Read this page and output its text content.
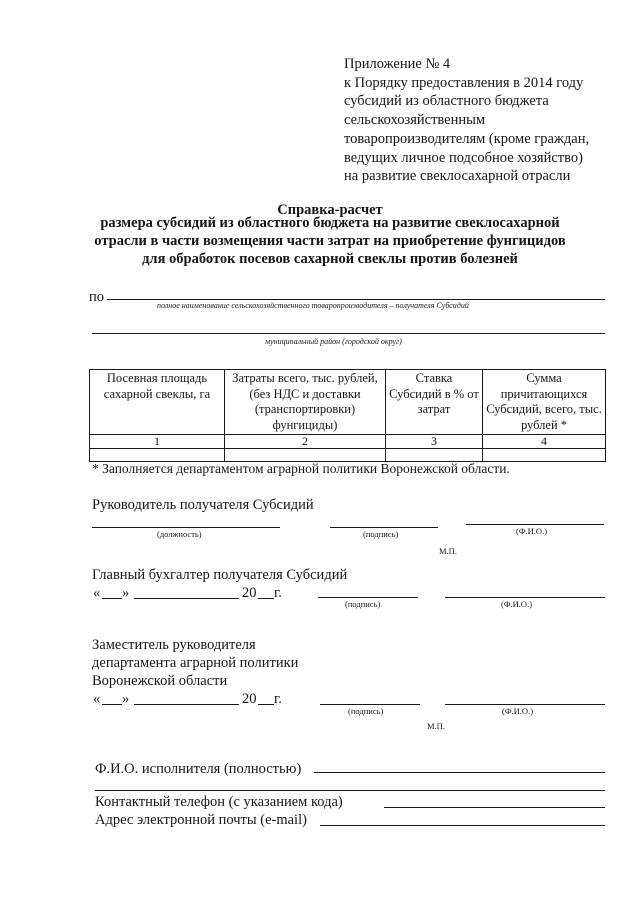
Приложение № 4
к Порядку предоставления в 2014 году
субсидий из областного бюджета
сельскохозяйственным
товаропроизводителям (кроме граждан,
ведущих личное подсобное хозяйство)
на развитие свеклосахарной отрасли
Справка-расчет
размера субсидий из областного бюджета на развитие свеклосахарной
отрасли в части возмещения части затрат на приобретение фунгицидов
для обработок посевов сахарной свеклы против болезней
по
полное наименование сельскохозяйственного товаропроизводителя – получателя Субсидий
муниципальный район (городской округ)
Посевная площадь сахарной свеклы, га	Затраты всего, тыс. рублей, (без НДС и доставки (транспортировки) фунгициды)	Ставка Субсидий в % от затрат	Сумма причитающихся Субсидий, всего, тыс. рублей *
1	2	3	4

* Заполняется департаментом аграрной политики Воронежской области.
Руководитель получателя Субсидий
(должность)	(подпись)	(Ф.И.О.)
М.П.
Главный бухгалтер получателя Субсидий
« »	20 г.
(подпись)	(Ф.И.О.)
Заместитель руководителя
департамента аграрной политики
Воронежской области
« »	20 г.
(подпись)	(Ф.И.О.)
М.П.
Ф.И.О. исполнителя (полностью)
Контактный телефон (с указанием кода)
Адрес электронной почты (e-mail)
